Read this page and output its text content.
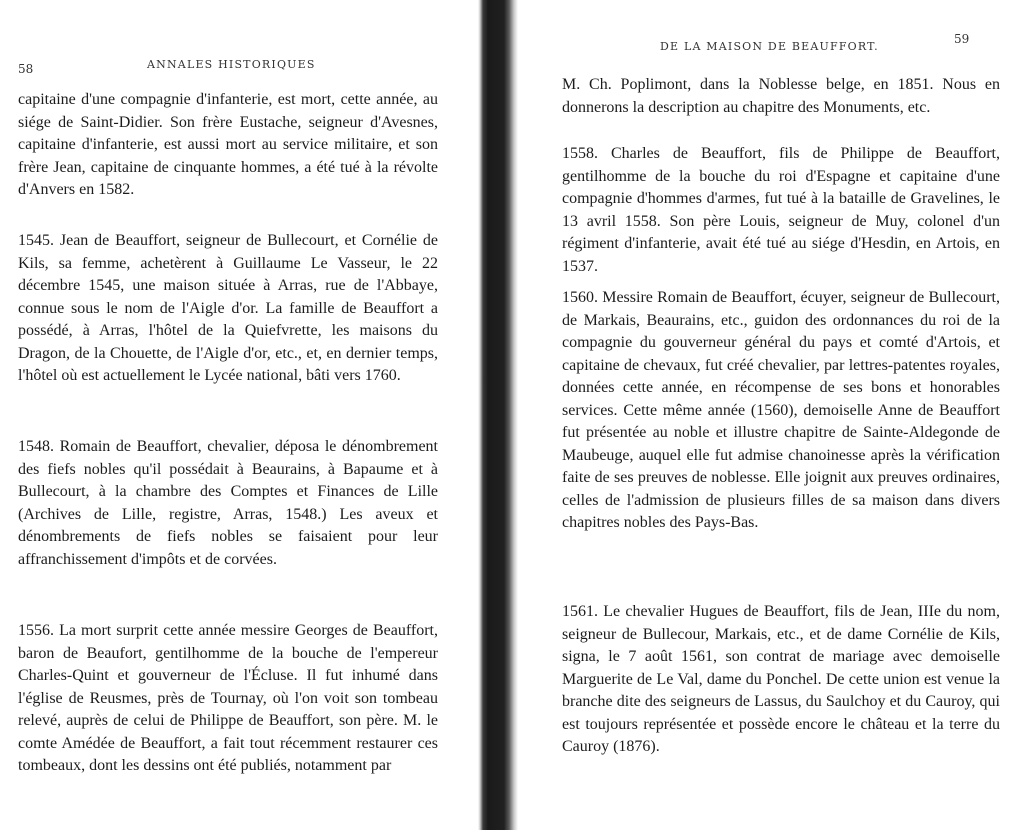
58	ANNALES HISTORIQUES

capitaine d'une compagnie d'infanterie, est mort, cette année, au siége de Saint-Didier. Son frère Eustache, seigneur d'Avesnes, capitaine d'infanterie, est aussi mort au service militaire, et son frère Jean, capitaine de cinquante hommes, a été tué à la révolte d'Anvers en 1582.

1545. Jean de Beauffort, seigneur de Bullecourt, et Cornélie de Kils, sa femme, achetèrent à Guillaume Le Vasseur, le 22 décembre 1545, une maison située à Arras, rue de l'Abbaye, connue sous le nom de l'Aigle d'or. La famille de Beauffort a possédé, à Arras, l'hôtel de la Quiefvrette, les maisons du Dragon, de la Chouette, de l'Aigle d'or, etc., et, en dernier temps, l'hôtel où est actuellement le Lycée national, bâti vers 1760.

1548. Romain de Beauffort, chevalier, déposa le dénombrement des fiefs nobles qu'il possédait à Beaurains, à Bapaume et à Bullecourt, à la chambre des Comptes et Finances de Lille (Archives de Lille, registre, Arras, 1548.) Les aveux et dénombrements de fiefs nobles se faisaient pour leur affranchissement d'impôts et de corvées.

1556. La mort surprit cette année messire Georges de Beauffort, baron de Beaufort, gentilhomme de la bouche de l'empereur Charles-Quint et gouverneur de l'Écluse. Il fut inhumé dans l'église de Reusmes, près de Tournay, où l'on voit son tombeau relevé, auprès de celui de Philippe de Beauffort, son père. M. le comte Amédée de Beauffort, a fait tout récemment restaurer ces tombeaux, dont les dessins ont été publiés, notamment par

DE LA MAISON DE BEAUFFORT.
59

M. Ch. Poplimont, dans la Noblesse belge, en 1851. Nous en donnerons la description au chapitre des Monuments, etc.

1558. Charles de Beauffort, fils de Philippe de Beauffort, gentilhomme de la bouche du roi d'Espagne et capitaine d'une compagnie d'hommes d'armes, fut tué à la bataille de Gravelines, le 13 avril 1558. Son père Louis, seigneur de Muy, colonel d'un régiment d'infanterie, avait été tué au siége d'Hesdin, en Artois, en 1537.

1560. Messire Romain de Beauffort, écuyer, seigneur de Bullecourt, de Markais, Beaurains, etc., guidon des ordonnances du roi de la compagnie du gouverneur général du pays et comté d'Artois, et capitaine de chevaux, fut créé chevalier, par lettres-patentes royales, données cette année, en récompense de ses bons et honorables services. Cette même année (1560), demoiselle Anne de Beauffort fut présentée au noble et illustre chapitre de Sainte-Aldegonde de Maubeuge, auquel elle fut admise chanoinesse après la vérification faite de ses preuves de noblesse. Elle joignit aux preuves ordinaires, celles de l'admission de plusieurs filles de sa maison dans divers chapitres nobles des Pays-Bas.

1561. Le chevalier Hugues de Beauffort, fils de Jean, IIIe du nom, seigneur de Bullecour, Markais, etc., et de dame Cornélie de Kils, signa, le 7 août 1561, son contrat de mariage avec demoiselle Marguerite de Le Val, dame du Ponchel. De cette union est venue la branche dite des seigneurs de Lassus, du Saulchoy et du Cauroy, qui est toujours représentée et possède encore le château et la terre du Cauroy (1876).
